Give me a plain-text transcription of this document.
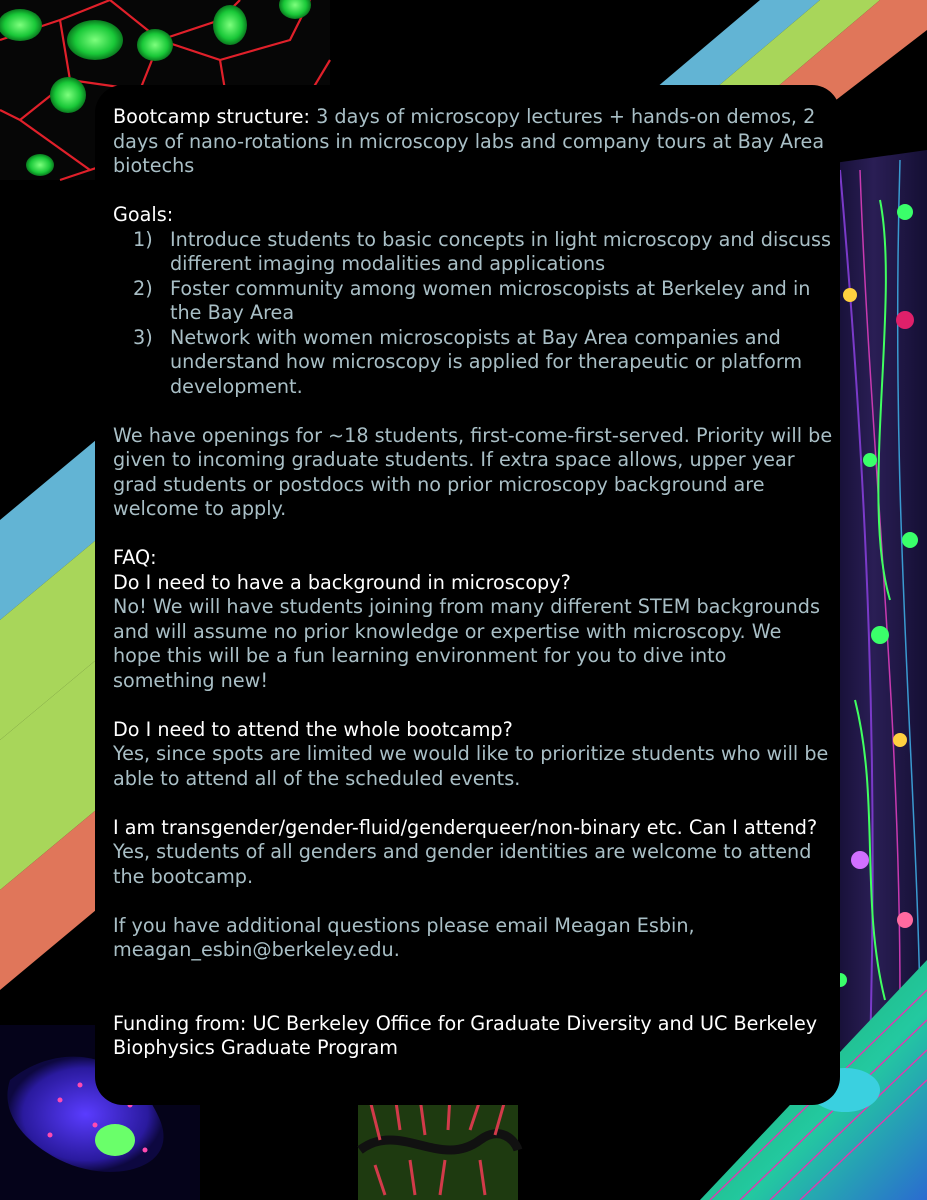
Bootcamp structure: 3 days of microscopy lectures + hands-on demos, 2 days of nano-rotations in microscopy labs and company tours at Bay Area biotechs

Goals:

1) Introduce students to basic concepts in light microscopy and discuss different imaging modalities and applications
2) Foster community among women microscopists at Berkeley and in the Bay Area
3) Network with women microscopists at Bay Area companies and understand how microscopy is applied for therapeutic or platform development.

We have openings for ~18 students, first-come-first-served. Priority will be given to incoming graduate students. If extra space allows, upper year grad students or postdocs with no prior microscopy background are welcome to apply.

FAQ:

Do I need to have a background in microscopy?

No! We will have students joining from many different STEM backgrounds and will assume no prior knowledge or expertise with microscopy. We hope this will be a fun learning environment for you to dive into something new!

Do I need to attend the whole bootcamp?

Yes, since spots are limited we would like to prioritize students who will be able to attend all of the scheduled events.

I am transgender/gender-fluid/genderqueer/non-binary etc. Can I attend?

Yes, students of all genders and gender identities are welcome to attend the bootcamp.

If you have additional questions please email Meagan Esbin, meagan_esbin@berkeley.edu.

Funding from: UC Berkeley Office for Graduate Diversity and UC Berkeley Biophysics Graduate Program
